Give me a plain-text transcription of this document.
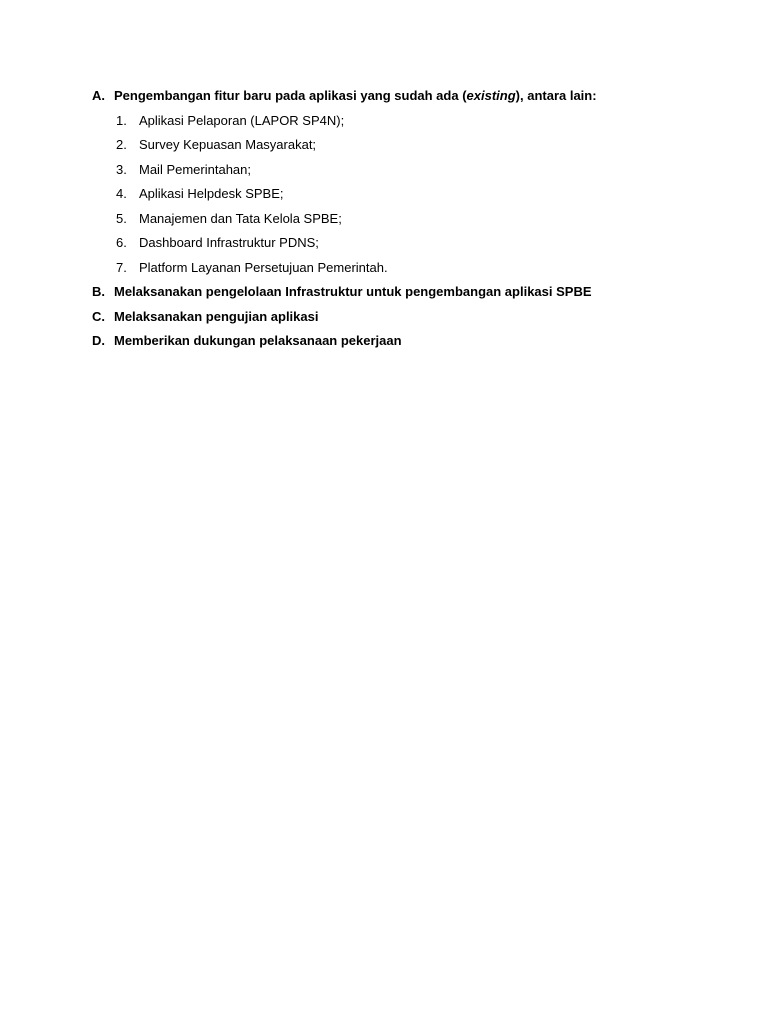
A. Pengembangan fitur baru pada aplikasi yang sudah ada (existing), antara lain:
1. Aplikasi Pelaporan (LAPOR SP4N);
2. Survey Kepuasan Masyarakat;
3. Mail Pemerintahan;
4. Aplikasi Helpdesk SPBE;
5. Manajemen dan Tata Kelola SPBE;
6. Dashboard Infrastruktur PDNS;
7. Platform Layanan Persetujuan Pemerintah.
B. Melaksanakan pengelolaan Infrastruktur untuk pengembangan aplikasi SPBE
C. Melaksanakan pengujian aplikasi
D. Memberikan dukungan pelaksanaan pekerjaan
